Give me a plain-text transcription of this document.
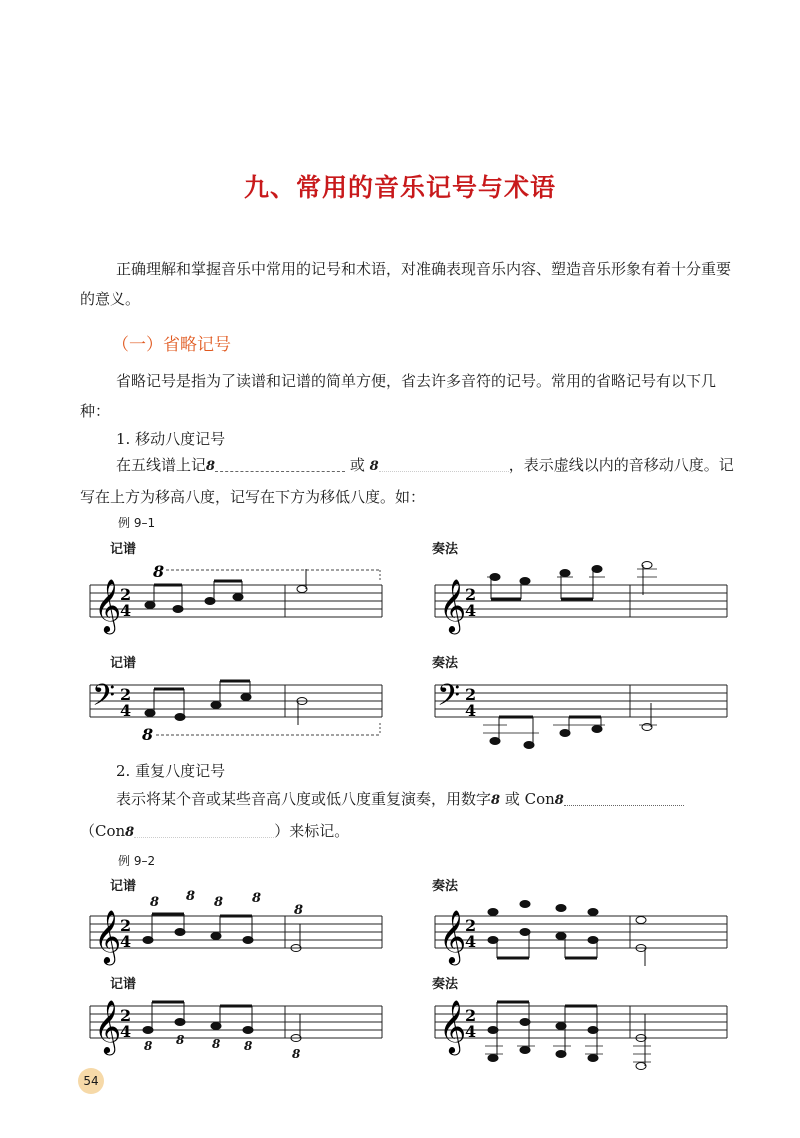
九、常用的音乐记号与术语

正确理解和掌握音乐中常用的记号和术语，对准确表现音乐内容、塑造音乐形象有着十分重要的意义。

（一）省略记号

省略记号是指为了读谱和记谱的简单方便，省去许多音符的记号。常用的省略记号有以下几种：

1. 移动八度记号

在五线谱上记8	或 8	，表示虚线以内的音移动八度。记写在上方为移高八度，记写在下方为移低八度。如：

例 9–1
记谱	奏法
𝄞
2
4
8
𝄞
2
4
记谱	奏法
𝄢 2
4
8
𝄢 2
4
2. 重复八度记号

表示将某个音或某些音高八度或低八度重复演奏，用数字8 或 Con8

（Con8	）来标记。

例 9–2
记谱	奏法
𝄞
2
4
8 8 8 8
8	𝄞
2
4
记谱	奏法
𝄞
2
4
8 8 8 8
8
𝄞
2
4
54
